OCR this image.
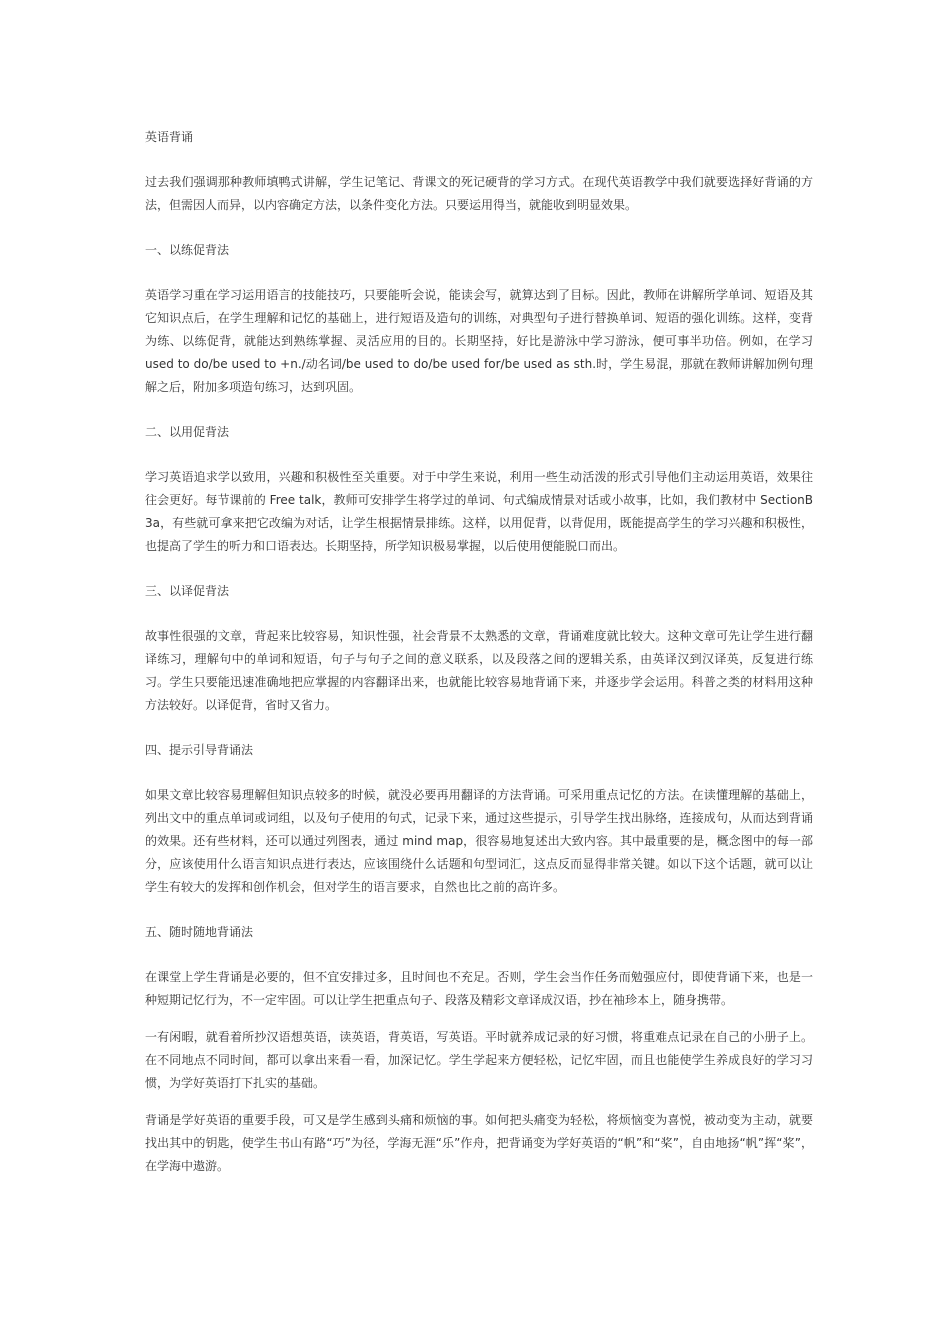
英语背诵
过去我们强调那种教师填鸭式讲解，学生记笔记、背课文的死记硬背的学习方式。在现代英语教学中我们就要选择好背诵的方法，但需因人而异，以内容确定方法，以条件变化方法。只要运用得当，就能收到明显效果。
一、以练促背法
英语学习重在学习运用语言的技能技巧，只要能听会说，能读会写，就算达到了目标。因此，教师在讲解所学单词、短语及其它知识点后，在学生理解和记忆的基础上，进行短语及造句的训练，对典型句子进行替换单词、短语的强化训练。这样，变背为练、以练促背，就能达到熟练掌握、灵活应用的目的。长期坚持，好比是游泳中学习游泳，便可事半功倍。例如，在学习 used to do/be used to +n./动名词/be used to do/be used for/be used as sth.时，学生易混，那就在教师讲解加例句理解之后，附加多项造句练习，达到巩固。
二、以用促背法
学习英语追求学以致用，兴趣和积极性至关重要。对于中学生来说，利用一些生动活泼的形式引导他们主动运用英语，效果往往会更好。每节课前的 Free talk，教师可安排学生将学过的单词、句式编成情景对话或小故事，比如，我们教材中 SectionB 3a，有些就可拿来把它改编为对话，让学生根据情景排练。这样，以用促背，以背促用，既能提高学生的学习兴趣和积极性，也提高了学生的听力和口语表达。长期坚持，所学知识极易掌握，以后使用便能脱口而出。
三、以译促背法
故事性很强的文章，背起来比较容易，知识性强，社会背景不太熟悉的文章，背诵难度就比较大。这种文章可先让学生进行翻译练习，理解句中的单词和短语，句子与句子之间的意义联系，以及段落之间的逻辑关系，由英译汉到汉译英，反复进行练习。学生只要能迅速准确地把应掌握的内容翻译出来，也就能比较容易地背诵下来，并逐步学会运用。科普之类的材料用这种方法较好。以译促背，省时又省力。
四、提示引导背诵法
如果文章比较容易理解但知识点较多的时候，就没必要再用翻译的方法背诵。可采用重点记忆的方法。在读懂理解的基础上，列出文中的重点单词或词组，以及句子使用的句式，记录下来，通过这些提示，引导学生找出脉络，连接成句，从而达到背诵的效果。还有些材料，还可以通过列图表，通过 mind map，很容易地复述出大致内容。其中最重要的是，概念图中的每一部分，应该使用什么语言知识点进行表达，应该围绕什么话题和句型词汇，这点反而显得非常关键。如以下这个话题，就可以让学生有较大的发挥和创作机会，但对学生的语言要求，自然也比之前的高许多。
五、随时随地背诵法
在课堂上学生背诵是必要的，但不宜安排过多，且时间也不充足。否则，学生会当作任务而勉强应付，即使背诵下来，也是一种短期记忆行为，不一定牢固。可以让学生把重点句子、段落及精彩文章译成汉语，抄在袖珍本上，随身携带。
一有闲暇，就看着所抄汉语想英语，读英语，背英语，写英语。平时就养成记录的好习惯，将重难点记录在自己的小册子上。在不同地点不同时间，都可以拿出来看一看，加深记忆。学生学起来方便轻松，记忆牢固，而且也能使学生养成良好的学习习惯，为学好英语打下扎实的基础。
背诵是学好英语的重要手段，可又是学生感到头痛和烦恼的事。如何把头痛变为轻松，将烦恼变为喜悦，被动变为主动，就要找出其中的钥匙，使学生书山有路“巧”为径，学海无涯“乐”作舟，把背诵变为学好英语的“帆”和“桨”，自由地扬“帆”挥“桨”，在学海中遨游。
